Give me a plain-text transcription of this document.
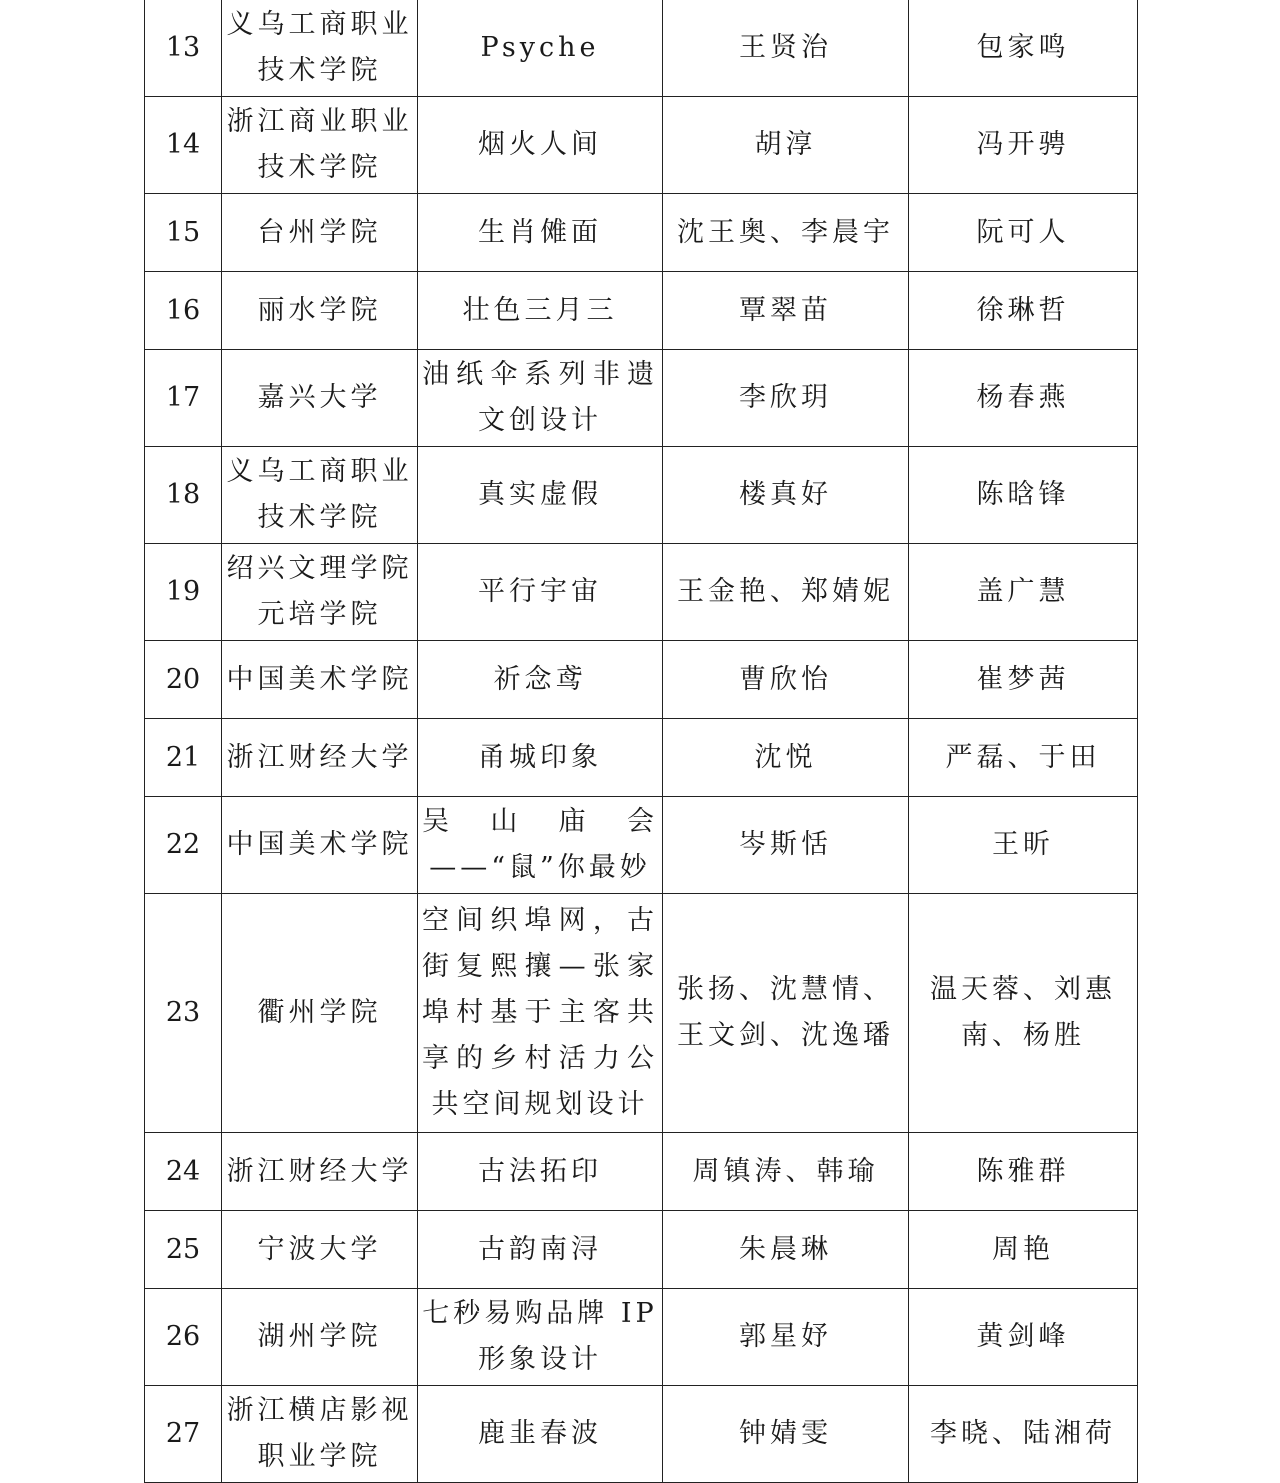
13	义乌工商职业技术学院	Psyche	王贤治	包家鸣
14	浙江商业职业技术学院	烟火人间	胡淳	冯开骋
15	台州学院	生肖傩面	沈王奥、李晨宇	阮可人
16	丽水学院	壮色三月三	覃翠苗	徐琳哲
17	嘉兴大学	油纸伞系列非遗文创设计	李欣玥	杨春燕
18	义乌工商职业技术学院	真实虚假	楼真好	陈晗锋
19	绍兴文理学院元培学院	平行宇宙	王金艳、郑婧妮	盖广慧
20	中国美术学院	祈念鸢	曹欣怡	崔梦茜
21	浙江财经大学	甬城印象	沈悦	严磊、于田
22	中国美术学院	吴山庙会——“鼠”你最妙	岑斯恬	王昕
23	衢州学院	空间织埠网，古街复熙攘—张家埠村基于主客共享的乡村活力公共空间规划设计	张扬、沈慧情、王文剑、沈逸璠	温天蓉、刘惠南、杨胜
24	浙江财经大学	古法拓印	周镇涛、韩瑜	陈雅群
25	宁波大学	古韵南浔	朱晨琳	周艳
26	湖州学院	七秒易购品牌 IP 形象设计	郭星妤	黄剑峰
27	浙江横店影视职业学院	鹿韭春波	钟婧雯	李晓、陆湘荷
